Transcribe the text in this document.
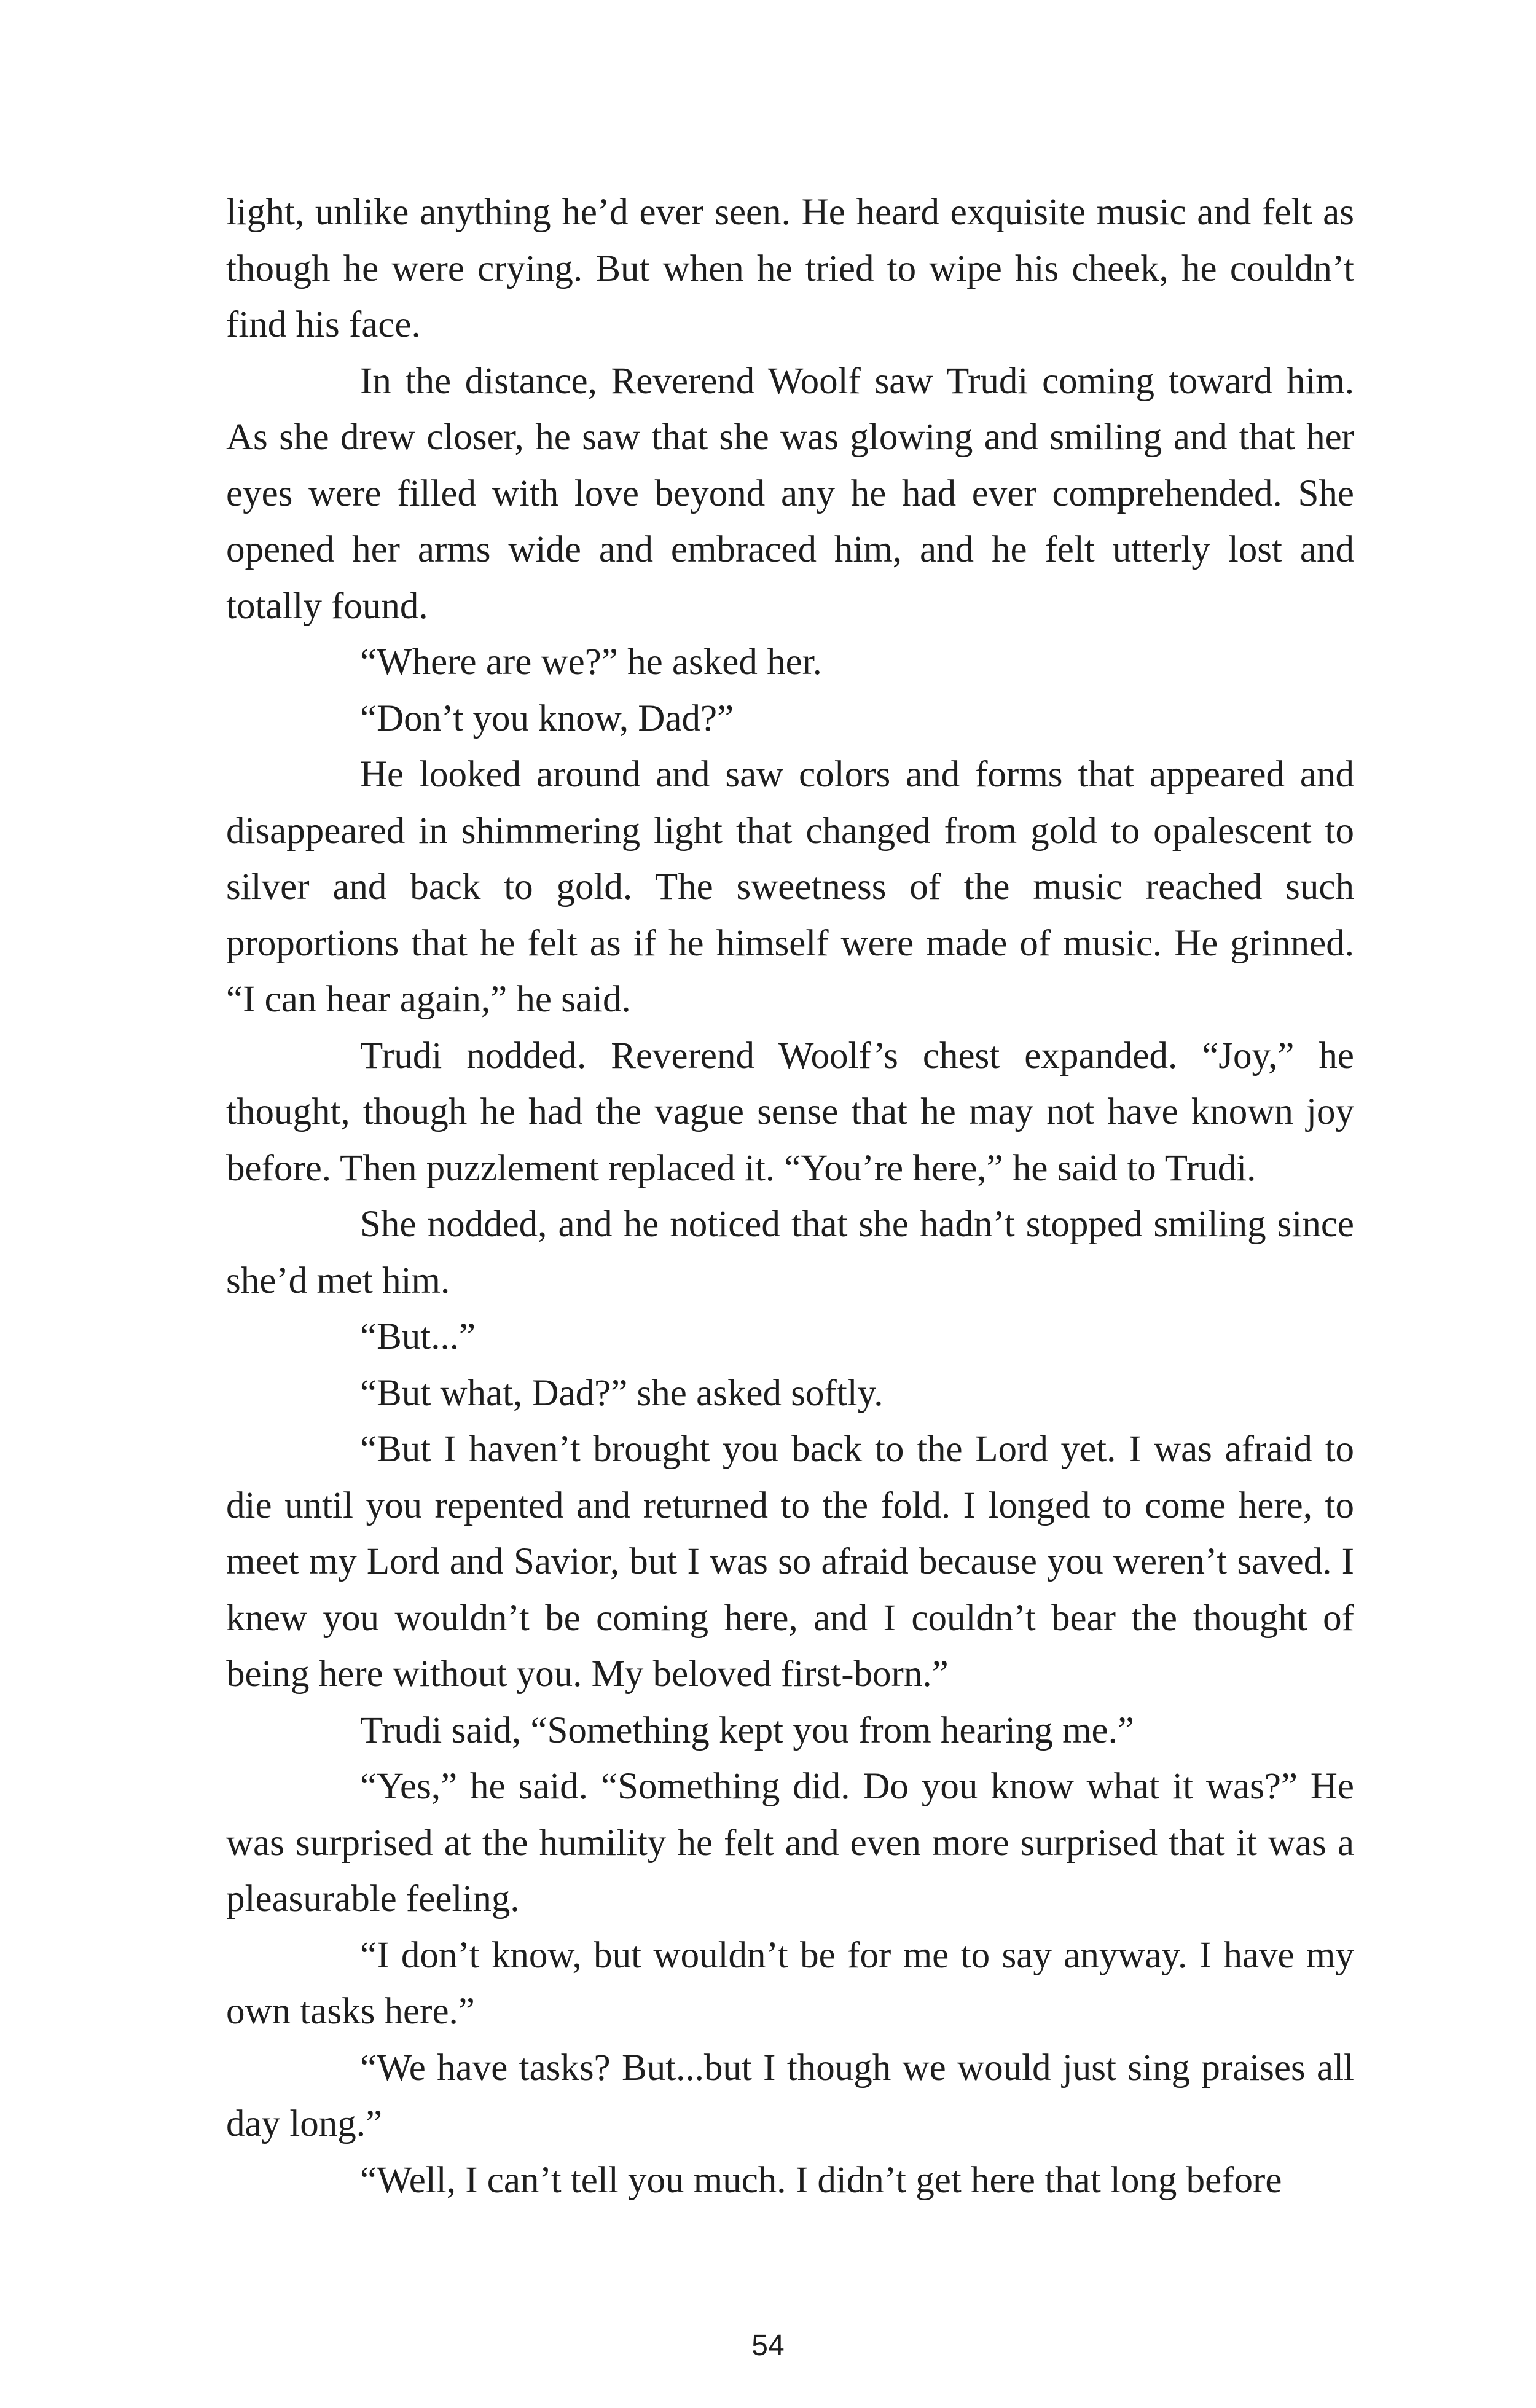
light, unlike anything he’d ever seen. He heard exquisite music and felt as though he were crying. But when he tried to wipe his cheek, he couldn’t find his face.

In the distance, Reverend Woolf saw Trudi coming toward him. As she drew closer, he saw that she was glowing and smiling and that her eyes were filled with love beyond any he had ever comprehended. She opened her arms wide and embraced him, and he felt utterly lost and totally found.

“Where are we?” he asked her.

“Don’t you know, Dad?”

He looked around and saw colors and forms that appeared and disappeared in shimmering light that changed from gold to opalescent to silver and back to gold. The sweetness of the music reached such proportions that he felt as if he himself were made of music. He grinned. “I can hear again,” he said.

Trudi nodded. Reverend Woolf’s chest expanded. “Joy,” he thought, though he had the vague sense that he may not have known joy before. Then puzzlement replaced it. “You’re here,” he said to Trudi.

She nodded, and he noticed that she hadn’t stopped smiling since she’d met him.

“But...”

“But what, Dad?” she asked softly.

“But I haven’t brought you back to the Lord yet. I was afraid to die until you repented and returned to the fold. I longed to come here, to meet my Lord and Savior, but I was so afraid because you weren’t saved. I knew you wouldn’t be coming here, and I couldn’t bear the thought of being here without you. My beloved first-born.”

Trudi said, “Something kept you from hearing me.”

“Yes,” he said. “Something did. Do you know what it was?” He was surprised at the humility he felt and even more surprised that it was a pleasurable feeling.

“I don’t know, but wouldn’t be for me to say anyway. I have my own tasks here.”

“We have tasks? But...but I though we would just sing praises all day long.”

“Well, I can’t tell you much. I didn’t get here that long before

54
